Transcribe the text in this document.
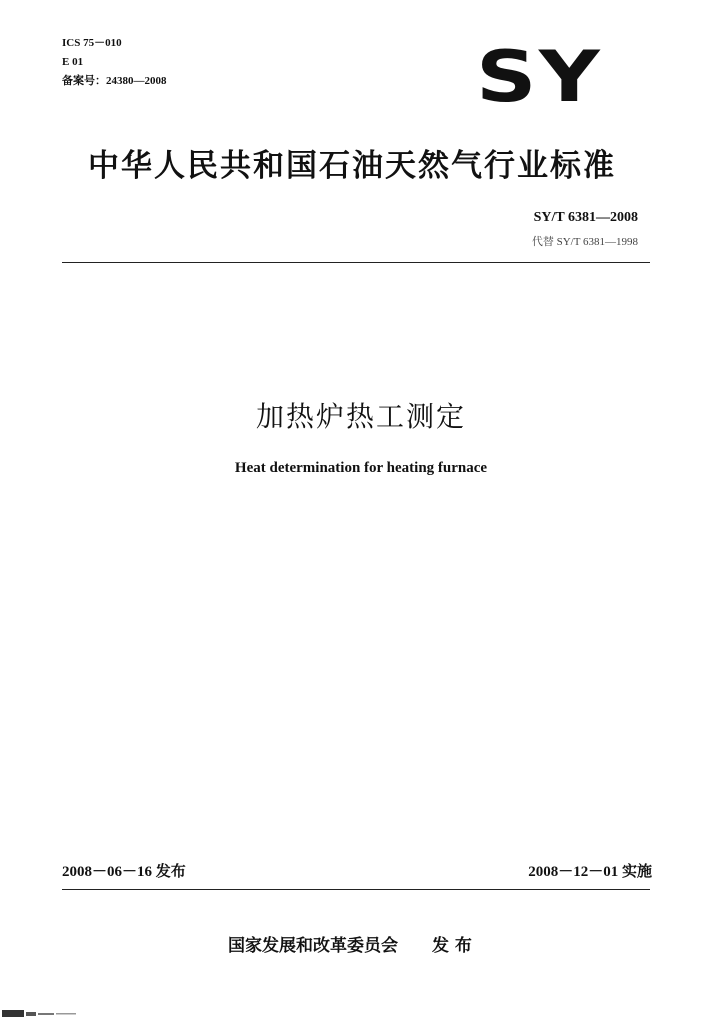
ICS 75－010
E 01
备案号：24380—2008	SY
中华人民共和国石油天然气行业标准
SY/T 6381—2008
代替 SY/T 6381—1998
加热炉热工测定
Heat determination for heating furnace
2008－06－16 发布	2008－12－01 实施
国家发展和改革委员会 发 布
